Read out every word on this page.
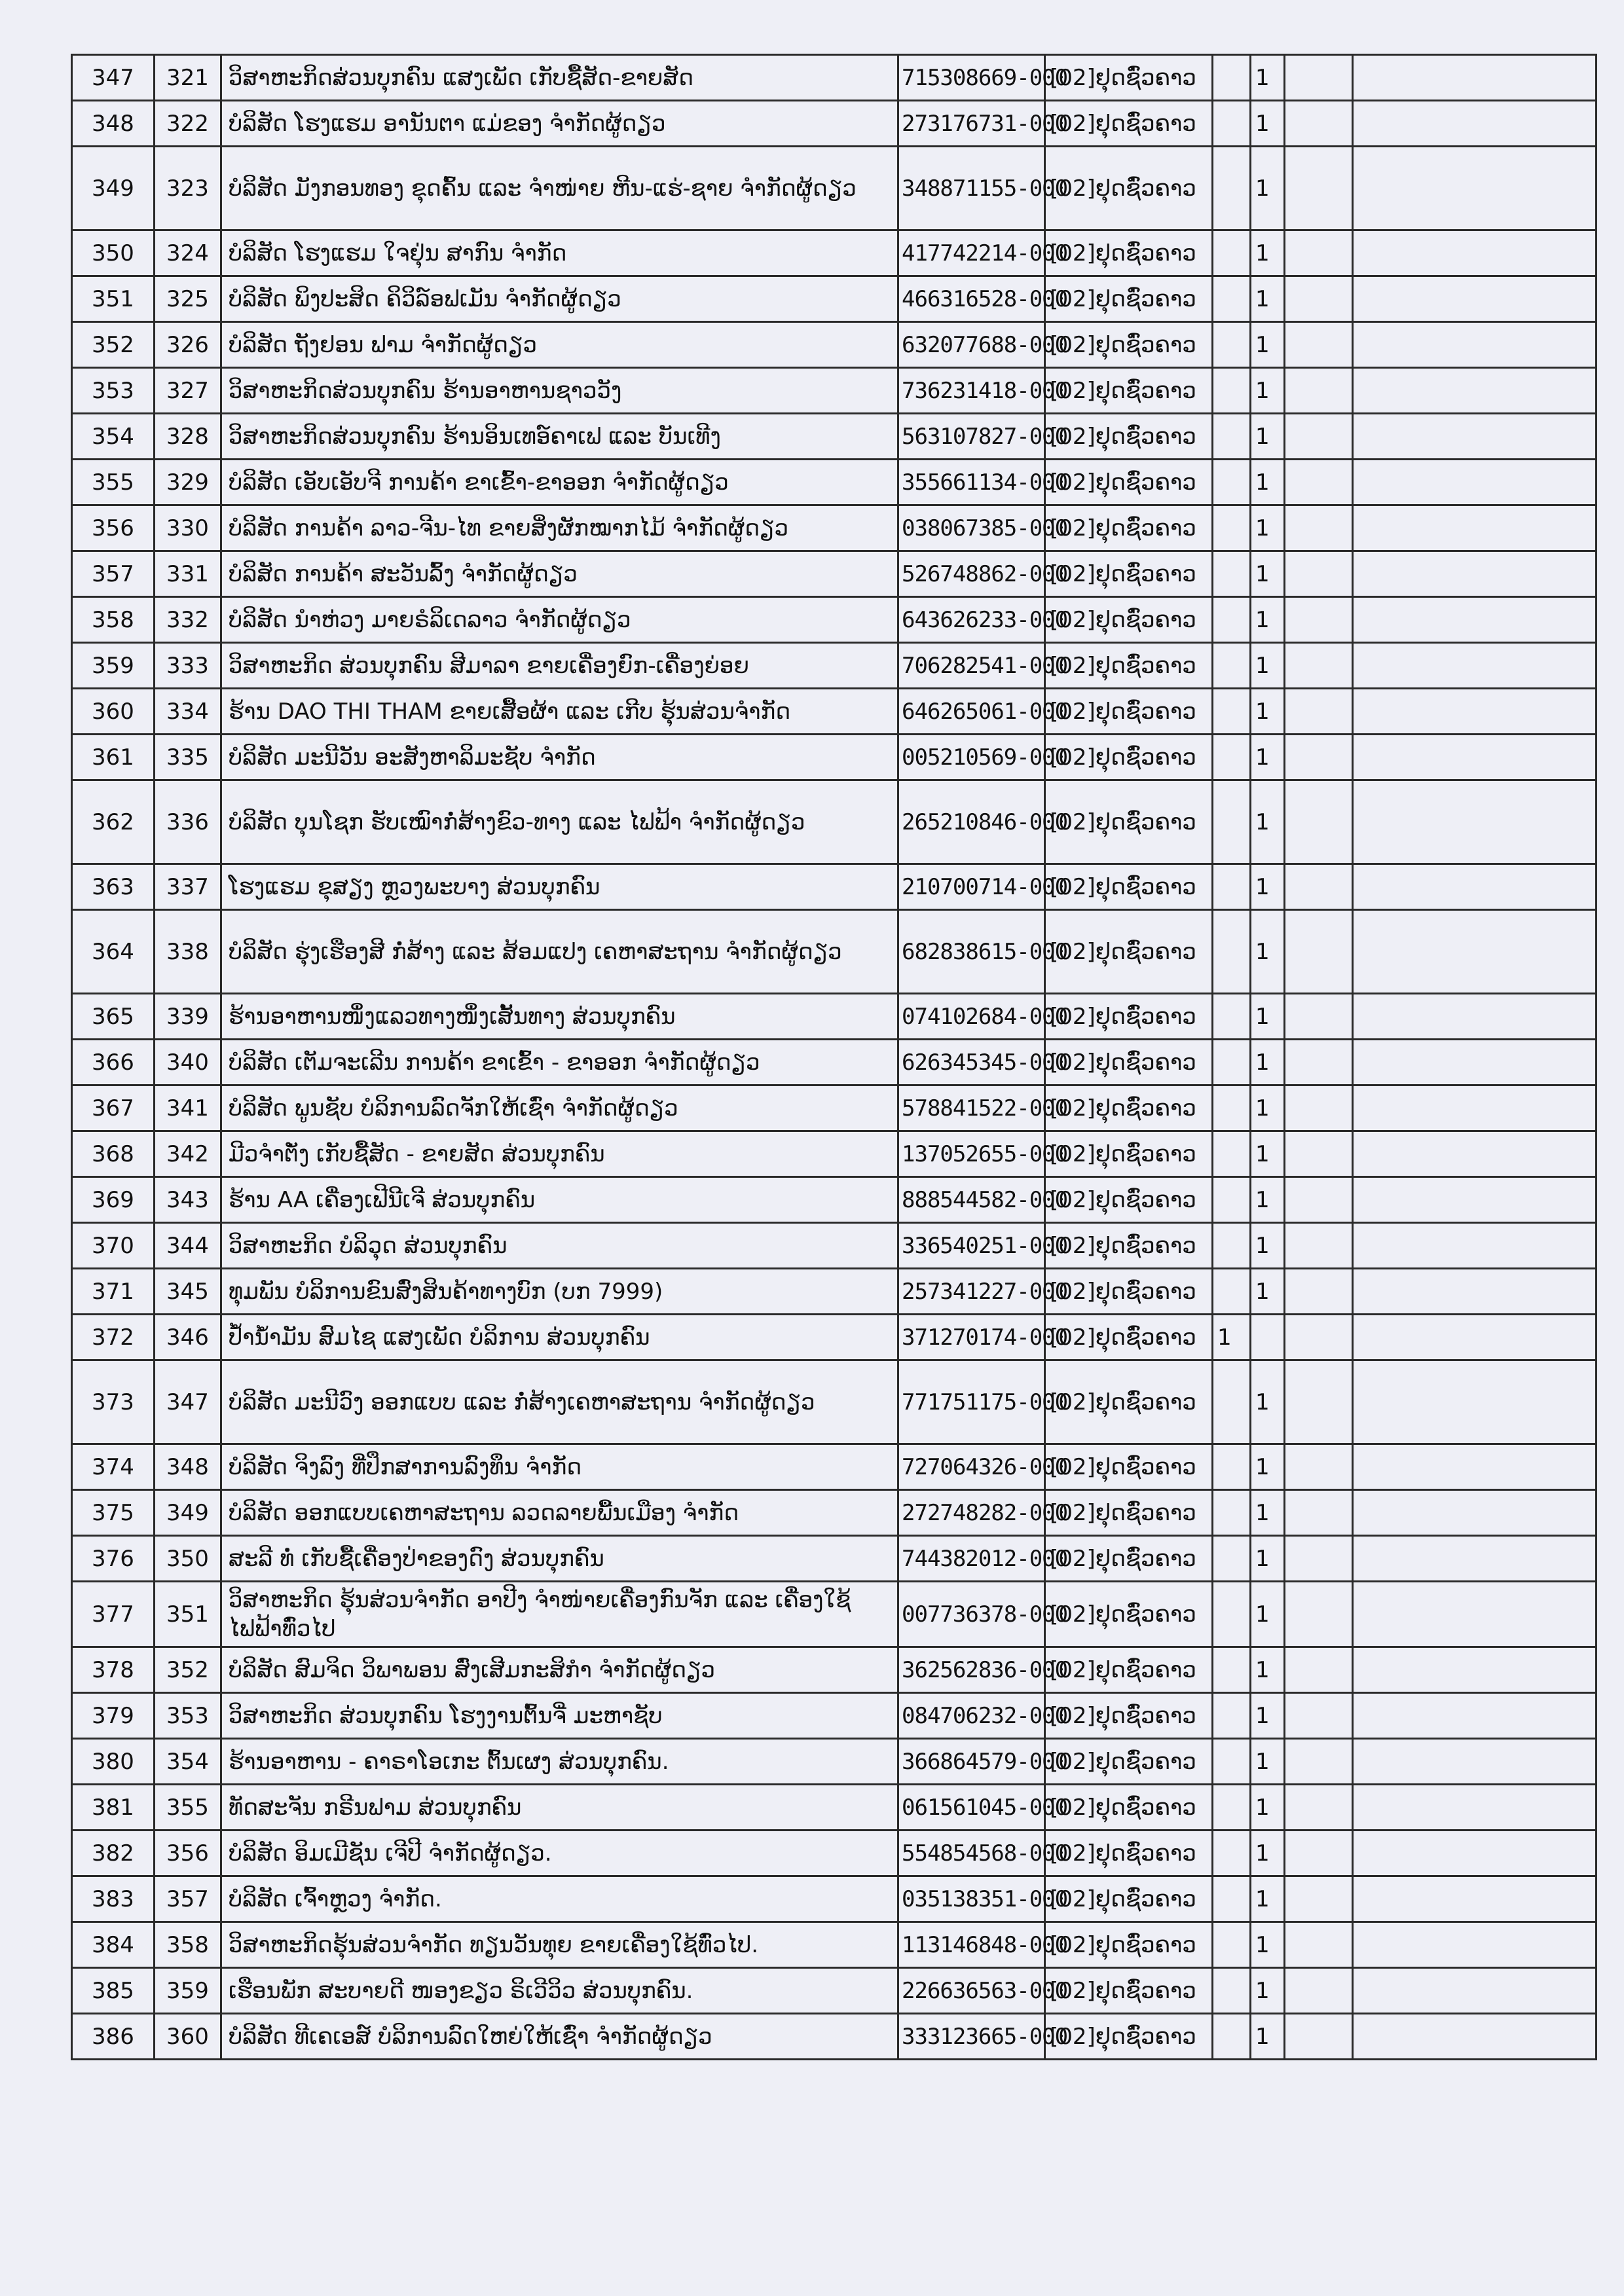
347	321	ວິສາຫະກິດສ່ວນບຸກຄົນ ແສງເພັດ ເກັບຊື້ສັດ-ຂາຍສັດ	715308669-000	[02]ຢຸດຊົ່ວຄາວ		1		
348	322	ບໍລິສັດ ໂຮງແຮມ ອານັນຕາ ແມ່ຂອງ ຈໍາກັດຜູ້ດຽວ	273176731-000	[02]ຢຸດຊົ່ວຄາວ		1		
349	323	ບໍລິສັດ ມັງກອນທອງ ຂຸດຄົ້ນ ແລະ ຈໍາໜ່າຍ ຫີນ-ແຮ່-ຊາຍ ຈໍາກັດຜູ້ດຽວ	348871155-000	[02]ຢຸດຊົ່ວຄາວ		1		
350	324	ບໍລິສັດ ໂຮງແຮມ ໃຈຢຸ່ນ ສາກົນ ຈໍາກັດ	417742214-000	[02]ຢຸດຊົ່ວຄາວ		1		
351	325	ບໍລິສັດ ພິງປະສິດ ຄິວິລ໌ອຟເມັນ ຈໍາກັດຜູ້ດຽວ	466316528-000	[02]ຢຸດຊົ່ວຄາວ		1		
352	326	ບໍລິສັດ ຖັງຢອນ ຟາມ ຈໍາກັດຜູ້ດຽວ	632077688-000	[02]ຢຸດຊົ່ວຄາວ		1		
353	327	ວິສາຫະກິດສ່ວນບຸກຄົນ ຮ້ານອາຫານຊາວວັງ	736231418-000	[02]ຢຸດຊົ່ວຄາວ		1		
354	328	ວິສາຫະກິດສ່ວນບຸກຄົນ ຮ້ານອິນເທອ໌ຄາເຟ ແລະ ບັນເທີງ	563107827-000	[02]ຢຸດຊົ່ວຄາວ		1		
355	329	ບໍລິສັດ ເອັບເອັບຈີ ການຄ້າ ຂາເຂົ້າ-ຂາອອກ ຈໍາກັດຜູ້ດຽວ	355661134-000	[02]ຢຸດຊົ່ວຄາວ		1		
356	330	ບໍລິສັດ ການຄ້າ ລາວ-ຈີນ-ໄທ ຂາຍສິ່ງຜັກໝາກໄມ້ ຈໍາກັດຜູ້ດຽວ	038067385-000	[02]ຢຸດຊົ່ວຄາວ		1		
357	331	ບໍລິສັດ ການຄ້າ ສະວັນລົ້ງ ຈໍາກັດຜູ້ດຽວ	526748862-000	[02]ຢຸດຊົ່ວຄາວ		1		
358	332	ບໍລິສັດ ນໍາຫ່ວງ ມາຍຣໍລິເດລາວ ຈໍາກັດຜູ້ດຽວ	643626233-000	[02]ຢຸດຊົ່ວຄາວ		1		
359	333	ວິສາຫະກິດ ສ່ວນບຸກຄົນ ສີມາລາ ຂາຍເຄື່ອງຍົກ-ເຄື່ອງຍ່ອຍ	706282541-000	[02]ຢຸດຊົ່ວຄາວ		1		
360	334	ຮ້ານ DAO THI THAM ຂາຍເສື້ອຜ້າ ແລະ ເກີບ ຮຸ້ນສ່ວນຈໍາກັດ	646265061-000	[02]ຢຸດຊົ່ວຄາວ		1		
361	335	ບໍລິສັດ ມະນີວັນ ອະສັງຫາລິມະຊັບ ຈໍາກັດ	005210569-000	[02]ຢຸດຊົ່ວຄາວ		1		
362	336	ບໍລິສັດ ບຸນໂຊກ ຮັບເໝົາກໍ່ສ້າງຂົວ-ທາງ ແລະ ໄຟຟ້າ ຈໍາກັດຜູ້ດຽວ	265210846-000	[02]ຢຸດຊົ່ວຄາວ		1		
363	337	ໂຮງແຮມ ຂຸສຽງ ຫຼວງພະບາງ ສ່ວນບຸກຄົນ	210700714-000	[02]ຢຸດຊົ່ວຄາວ		1		
364	338	ບໍລິສັດ ຮຸ່ງເຮືອງສີ ກໍ່ສ້າງ ແລະ ສ້ອມແປງ ເຄຫາສະຖານ ຈໍາກັດຜູ້ດຽວ	682838615-000	[02]ຢຸດຊົ່ວຄາວ		1		
365	339	ຮ້ານອາຫານໜຶ່ງແລວທາງໜຶ່ງເສັ້ນທາງ ສ່ວນບຸກຄົນ	074102684-000	[02]ຢຸດຊົ່ວຄາວ		1		
366	340	ບໍລິສັດ ເຕັມຈະເລີນ ການຄ້າ ຂາເຂົ້າ - ຂາອອກ ຈໍາກັດຜູ້ດຽວ	626345345-000	[02]ຢຸດຊົ່ວຄາວ		1		
367	341	ບໍລິສັດ ພູນຊັບ ບໍລິການລົດຈັກໃຫ້ເຊົ່າ ຈໍາກັດຜູ້ດຽວ	578841522-000	[02]ຢຸດຊົ່ວຄາວ		1		
368	342	ມີວຈໍາຕັ່ງ ເກັບຊື້ສັດ - ຂາຍສັດ ສ່ວນບຸກຄົນ	137052655-000	[02]ຢຸດຊົ່ວຄາວ		1		
369	343	ຮ້ານ AA ເຄື່ອງເຟີນີເຈີ ສ່ວນບຸກຄົນ	888544582-000	[02]ຢຸດຊົ່ວຄາວ		1		
370	344	ວິສາຫະກິດ ບໍລິວຸດ ສ່ວນບຸກຄົນ	336540251-000	[02]ຢຸດຊົ່ວຄາວ		1		
371	345	ທຸມພັນ ບໍລິການຂົນສົ່ງສິນຄ້າທາງບົກ (ບກ 7999)	257341227-000	[02]ຢຸດຊົ່ວຄາວ		1		
372	346	ປໍ້ານໍ້າມັນ ສົມໄຊ ແສງເພັດ ບໍລິການ ສ່ວນບຸກຄົນ	371270174-000	[02]ຢຸດຊົ່ວຄາວ	1			
373	347	ບໍລິສັດ ມະນີວົງ ອອກແບບ ແລະ ກໍ່ສ້າງເຄຫາສະຖານ ຈໍາກັດຜູ້ດຽວ	771751175-000	[02]ຢຸດຊົ່ວຄາວ		1		
374	348	ບໍລິສັດ ຈິງລົງ ທີ່ປຶກສາການລົງທຶນ ຈໍາກັດ	727064326-000	[02]ຢຸດຊົ່ວຄາວ		1		
375	349	ບໍລິສັດ ອອກແບບເຄຫາສະຖານ ລວດລາຍພື້ນເມືອງ ຈໍາກັດ	272748282-000	[02]ຢຸດຊົ່ວຄາວ		1		
376	350	ສະລີ ທໍ່ ເກັບຊື້ເຄື່ອງປ່າຂອງດົງ ສ່ວນບຸກຄົນ	744382012-000	[02]ຢຸດຊົ່ວຄາວ		1		
377	351	ວິສາຫະກິດ ຮຸ້ນສ່ວນຈໍາກັດ ອາປີງ ຈໍາໜ່າຍເຄື່ອງກົນຈັກ ແລະ ເຄື່ອງໃຊ້ໄຟຟ້າທົ່ວໄປ	007736378-000	[02]ຢຸດຊົ່ວຄາວ		1		
378	352	ບໍລິສັດ ສົມຈິດ ວິພາພອນ ສົ່ງເສີມກະສິກໍາ ຈໍາກັດຜູ້ດຽວ	362562836-000	[02]ຢຸດຊົ່ວຄາວ		1		
379	353	ວິສາຫະກິດ ສ່ວນບຸກຄົນ ໂຮງງານຕົ້ນຈີ່ ມະຫາຊັບ	084706232-000	[02]ຢຸດຊົ່ວຄາວ		1		
380	354	ຮ້ານອາຫານ - ຄາຣາໂອເກະ ຕົ້ນເຜງ ສ່ວນບຸກຄົນ.	366864579-000	[02]ຢຸດຊົ່ວຄາວ		1		
381	355	ທັດສະຈັນ ກຣີນຟາມ ສ່ວນບຸກຄົນ	061561045-000	[02]ຢຸດຊົ່ວຄາວ		1		
382	356	ບໍລິສັດ ອິມເມີຊັນ ເຈີປີ ຈໍາກັດຜູ້ດຽວ.	554854568-000	[02]ຢຸດຊົ່ວຄາວ		1		
383	357	ບໍລິສັດ ເຈົ້າຫຼວງ ຈໍາກັດ.	035138351-000	[02]ຢຸດຊົ່ວຄາວ		1		
384	358	ວິສາຫະກິດຮຸ້ນສ່ວນຈໍາກັດ ທຽນວັນທຸຍ ຂາຍເຄື່ອງໃຊ້ທົ່ວໄປ.	113146848-000	[02]ຢຸດຊົ່ວຄາວ		1		
385	359	ເຮືອນພັກ ສະບາຍດີ ໜອງຂຽວ ຣິເວີວິວ ສ່ວນບຸກຄົນ.	226636563-000	[02]ຢຸດຊົ່ວຄາວ		1		
386	360	ບໍລິສັດ ທີເຄເອສ໌ ບໍລິການລົດໃຫຍ່ໃຫ້ເຊົ່າ ຈໍາກັດຜູ້ດຽວ	333123665-000	[02]ຢຸດຊົ່ວຄາວ		1		
